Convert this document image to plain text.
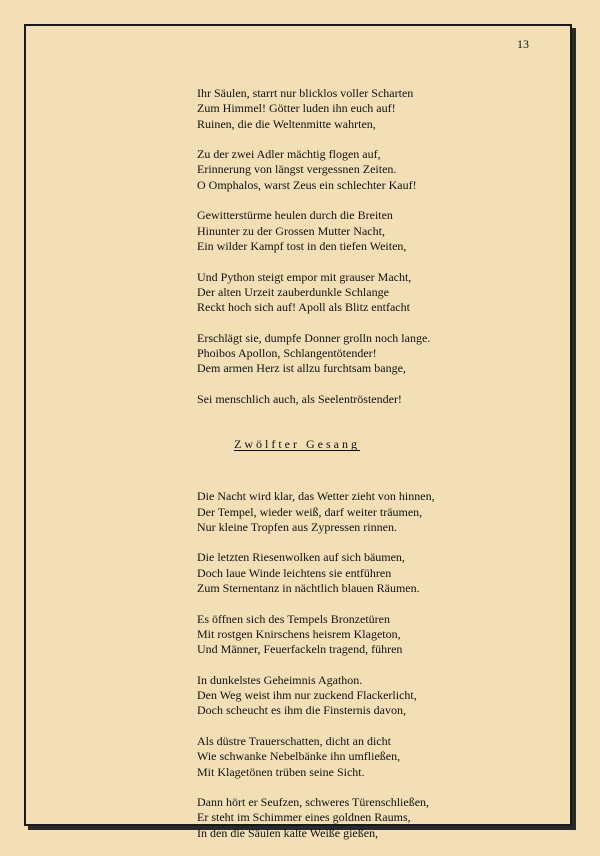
13
Ihr Säulen, starrt nur blicklos voller Scharten
Zum Himmel! Götter luden ihn euch auf!
Ruinen, die die Weltenmitte wahrten,
Zu der zwei Adler mächtig flogen auf,
Erinnerung von längst vergessnen Zeiten.
O Omphalos, warst Zeus ein schlechter Kauf!
Gewitterstürme heulen durch die Breiten
Hinunter zu der Grossen Mutter Nacht,
Ein wilder Kampf tost in den tiefen Weiten,
Und Python steigt empor mit grauser Macht,
Der alten Urzeit zauberdunkle Schlange
Reckt hoch sich auf! Apoll als Blitz entfacht
Erschlägt sie, dumpfe Donner grolln noch lange.
Phoibos Apollon, Schlangentötender!
Dem armen Herz ist allzu furchtsam bange,
Sei menschlich auch, als Seelentröstender!
Zwölfter Gesang
Die Nacht wird klar, das Wetter zieht von hinnen,
Der Tempel, wieder weiß, darf weiter träumen,
Nur kleine Tropfen aus Zypressen rinnen.
Die letzten Riesenwolken auf sich bäumen,
Doch laue Winde leichtens sie entführen
Zum Sternentanz in nächtlich blauen Räumen.
Es öffnen sich des Tempels Bronzetüren
Mit rostgen Knirschens heisrem Klageton,
Und Männer, Feuerfackeln tragend, führen
In dunkelstes Geheimnis Agathon.
Den Weg weist ihm nur zuckend Flackerlicht,
Doch scheucht es ihm die Finsternis davon,
Als düstre Trauerschatten, dicht an dicht
Wie schwanke Nebelbänke ihn umfließen,
Mit Klagetönen trüben seine Sicht.
Dann hört er Seufzen, schweres Türenschließen,
Er steht im Schimmer eines goldnen Raums,
In den die Säulen kalte Weiße gießen,
